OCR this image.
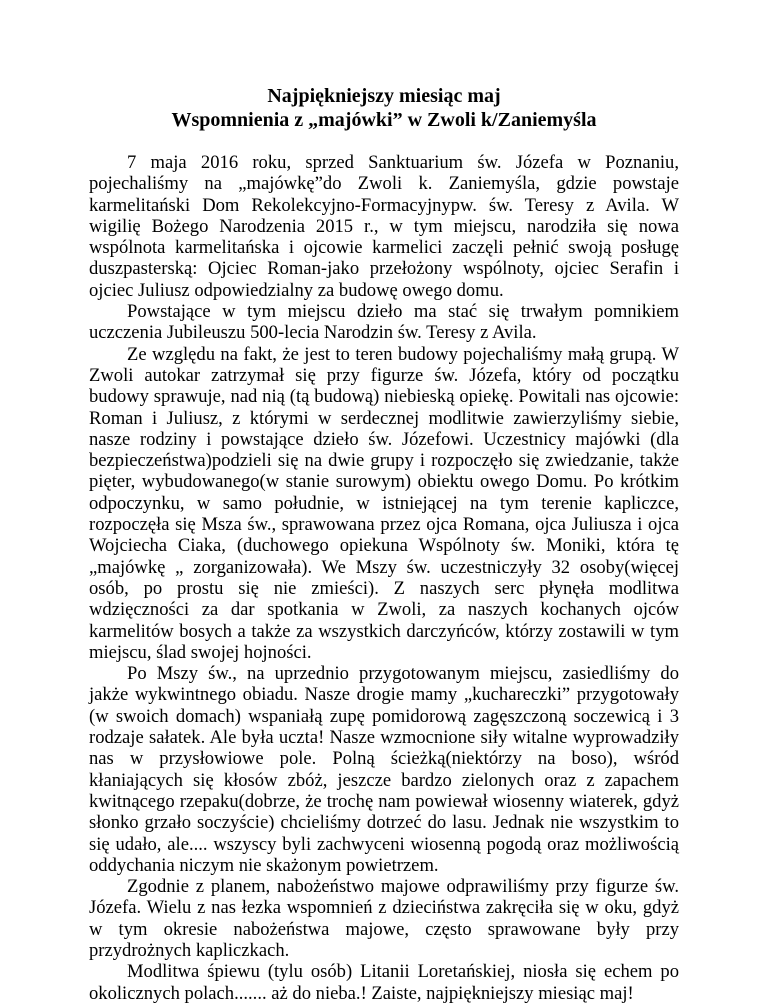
Najpiękniejszy miesiąc maj
Wspomnienia z „majówki” w Zwoli k/Zaniemyśla

7 maja 2016 roku, sprzed Sanktuarium św. Józefa w Poznaniu, pojechaliśmy na „majówkę”do Zwoli k. Zaniemyśla, gdzie powstaje karmelitański Dom Rekolekcyjno-Formacyjnypw. św. Teresy z Avila. W wigilię Bożego Narodzenia 2015 r., w tym miejscu, narodziła się nowa wspólnota karmelitańska i ojcowie karmelici zaczęli pełnić swoją posługę duszpasterską: Ojciec Roman-jako przełożony wspólnoty, ojciec Serafin i ojciec Juliusz odpowiedzialny za budowę owego domu.

Powstające w tym miejscu dzieło ma stać się trwałym pomnikiem uczczenia Jubileuszu 500-lecia Narodzin św. Teresy z Avila.

Ze względu na fakt, że jest to teren budowy pojechaliśmy małą grupą. W Zwoli autokar zatrzymał się przy figurze św. Józefa, który od początku budowy sprawuje, nad nią (tą budową) niebieską opiekę. Powitali nas ojcowie: Roman i Juliusz, z którymi w serdecznej modlitwie zawierzyliśmy siebie, nasze rodziny i powstające dzieło św. Józefowi. Uczestnicy majówki (dla bezpieczeństwa)podzieli się na dwie grupy i rozpoczęło się zwiedzanie, także pięter, wybudowanego(w stanie surowym) obiektu owego Domu. Po krótkim odpoczynku, w samo południe, w istniejącej na tym terenie kapliczce, rozpoczęła się Msza św., sprawowana przez ojca Romana, ojca Juliusza i ojca Wojciecha Ciaka, (duchowego opiekuna Wspólnoty św. Moniki, która tę „majówkę „ zorganizowała). We Mszy św. uczestniczyły 32 osoby(więcej osób, po prostu się nie zmieści). Z naszych serc płynęła modlitwa wdzięczności za dar spotkania w Zwoli, za naszych kochanych ojców karmelitów bosych a także za wszystkich darczyńców, którzy zostawili w tym miejscu, ślad swojej hojności.

Po Mszy św., na uprzednio przygotowanym miejscu, zasiedliśmy do jakże wykwintnego obiadu. Nasze drogie mamy „kuchareczki” przygotowały (w swoich domach) wspaniałą zupę pomidorową zagęszczoną soczewicą i 3 rodzaje sałatek. Ale była uczta! Nasze wzmocnione siły witalne wyprowadziły nas w przysłowiowe pole. Polną ścieżką(niektórzy na boso), wśród kłaniających się kłosów zbóż, jeszcze bardzo zielonych oraz z zapachem kwitnącego rzepaku(dobrze, że trochę nam powiewał wiosenny wiaterek, gdyż słonko grzało soczyście) chcieliśmy dotrzeć do lasu. Jednak nie wszystkim to się udało, ale.... wszyscy byli zachwyceni wiosenną pogodą oraz możliwością oddychania niczym nie skażonym powietrzem.

Zgodnie z planem, nabożeństwo majowe odprawiliśmy przy figurze św. Józefa. Wielu z nas łezka wspomnień z dzieciństwa zakręciła się w oku, gdyż w tym okresie nabożeństwa majowe, często sprawowane były przy przydrożnych kapliczkach.

Modlitwa śpiewu (tylu osób) Litanii Loretańskiej, niosła się echem po okolicznych polach....... aż do nieba.! Zaiste, najpiękniejszy miesiąc maj!
